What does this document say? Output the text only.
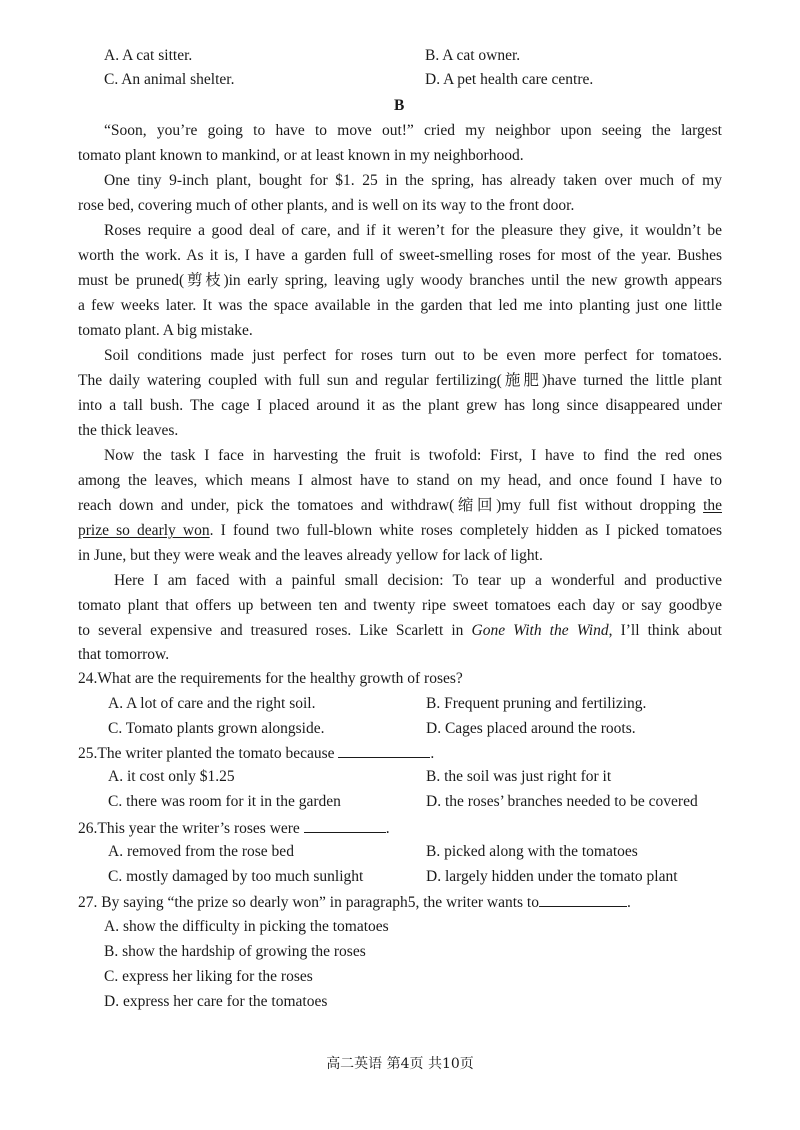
A. A cat sitter.	B. A cat owner.
C. An animal shelter.	D. A pet health care centre.
B
“Soon, you’re going to have to move out!” cried my neighbor upon seeing the largest
tomato plant known to mankind, or at least known in my neighborhood.
One tiny 9-inch plant, bought for $1. 25 in the spring, has already taken over much of my
rose bed, covering much of other plants, and is well on its way to the front door.
Roses require a good deal of care, and if it weren’t for the pleasure they give, it wouldn’t be
worth the work. As it is, I have a garden full of sweet-smelling roses for most of the year. Bushes
must be pruned(剪枝)in early spring, leaving ugly woody branches until the new growth appears
a few weeks later. It was the space available in the garden that led me into planting just one little
tomato plant. A big mistake.
Soil conditions made just perfect for roses turn out to be even more perfect for tomatoes.
The daily watering coupled with full sun and regular fertilizing(施肥)have turned the little plant
into a tall bush. The cage I placed around it as the plant grew has long since disappeared under
the thick leaves.
Now the task I face in harvesting the fruit is twofold: First, I have to find the red ones
among the leaves, which means I almost have to stand on my head, and once found I have to
reach down and under, pick the tomatoes and withdraw(缩回)my full fist without dropping the
prize so dearly won. I found two full-blown white roses completely hidden as I picked tomatoes
in June, but they were weak and the leaves already yellow for lack of light.
Here I am faced with a painful small decision: To tear up a wonderful and productive
tomato plant that offers up between ten and twenty ripe sweet tomatoes each day or say goodbye
to several expensive and treasured roses. Like Scarlett in Gone With the Wind, I’ll think about
that tomorrow.
24.What are the requirements for the healthy growth of roses?
A. A lot of care and the right soil.	B. Frequent pruning and fertilizing.
C. Tomato plants grown alongside.	D. Cages placed around the roots.
25.The writer planted the tomato because	.
A. it cost only $1.25	B. the soil was just right for it
C. there was room for it in the garden	D. the roses’ branches needed to be covered
26.This year the writer’s roses were	.
A. removed from the rose bed	B. picked along with the tomatoes
C. mostly damaged by too much sunlight	D. largely hidden under the tomato plant
27. By saying “the prize so dearly won” in paragraph5, the writer wants to	.
A. show the difficulty in picking the tomatoes
B. show the hardship of growing the roses
C. express her liking for the roses
D. express her care for the tomatoes
高二英语 第4页 共10页
